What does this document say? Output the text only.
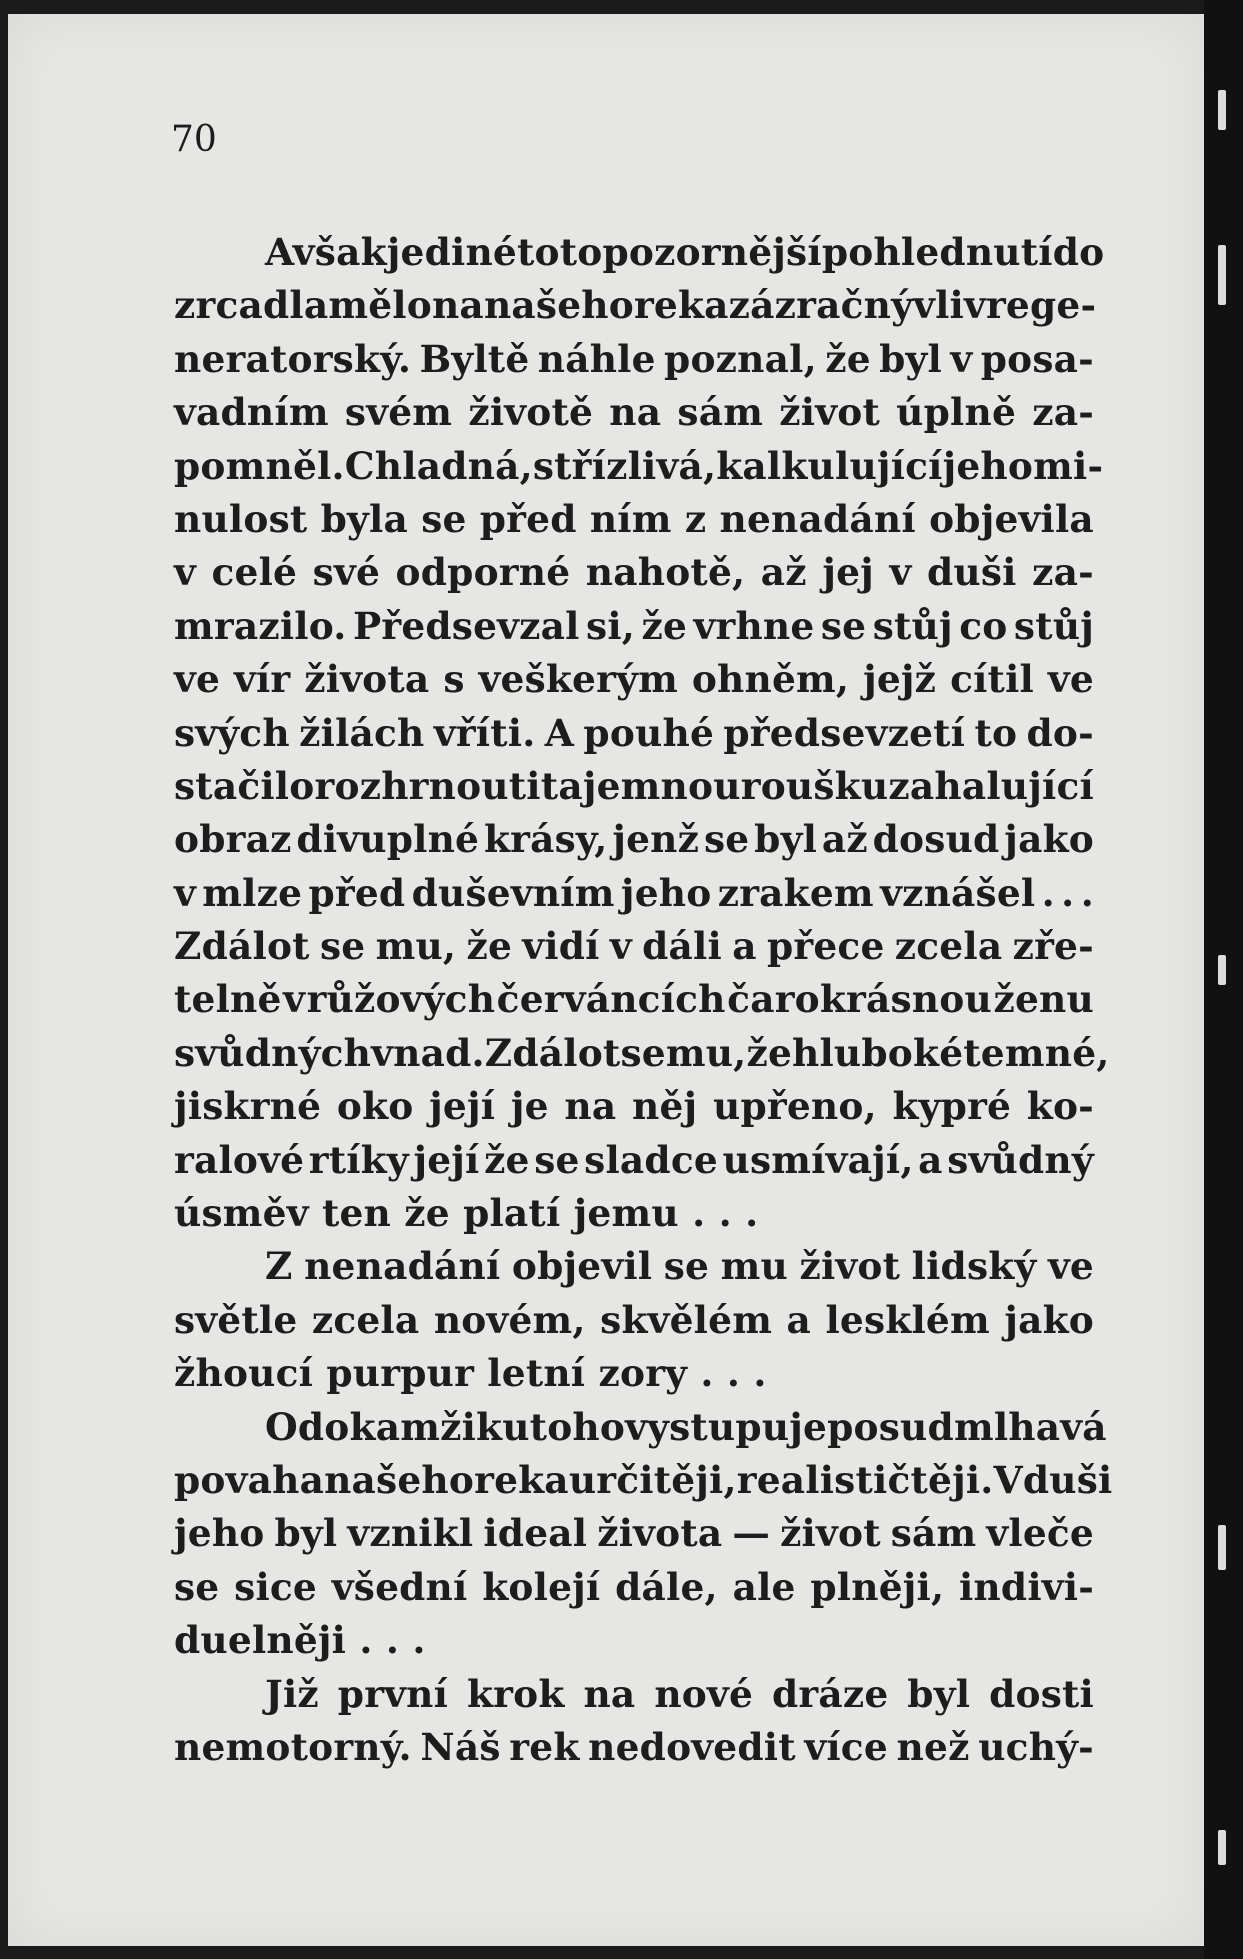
70

Avšak jediné toto pozornější pohlednutí do
zrcadla mělo na našeho reka zázračný vliv rege-
neratorský. Byltě náhle poznal, že byl v posa-
vadním svém životě na sám život úplně za-
pomněl. Chladná, střízlivá, kalkulující jeho mi-
nulost byla se před ním z nenadání objevila
v celé své odporné nahotě, až jej v duši za-
mrazilo. Předsevzal si, že vrhne se stůj co stůj
ve vír života s veškerým ohněm, jejž cítil ve
svých žilách vříti. A pouhé předsevzetí to do-
stačilo rozhrnouti tajemnou roušku zahalující
obraz divuplné krásy, jenž se byl až dosud jako
v mlze před duševním jeho zrakem vznášel . . .
Zdálot se mu, že vidí v dáli a přece zcela zře-
telně v růžových červáncích čarokrásnou ženu
svůdných vnad. Zdálot se mu, že hluboké temné,
jiskrné oko její je na něj upřeno, kypré ko-
ralové rtíky její že se sladce usmívají, a svůdný
úsměv ten že platí jemu . . .
Z nenadání objevil se mu život lidský ve
světle zcela novém, skvělém a lesklém jako
žhoucí purpur letní zory . . .
Od okamžiku toho vystupuje posud mlhavá
povaha našeho reka určitěji, realističtěji. V duši
jeho byl vznikl ideal života — život sám vleče
se sice všední kolejí dále, ale plněji, indivi-
duelněji . . .
Již první krok na nové dráze byl dosti
nemotorný. Náš rek nedovedit více než uchý-
